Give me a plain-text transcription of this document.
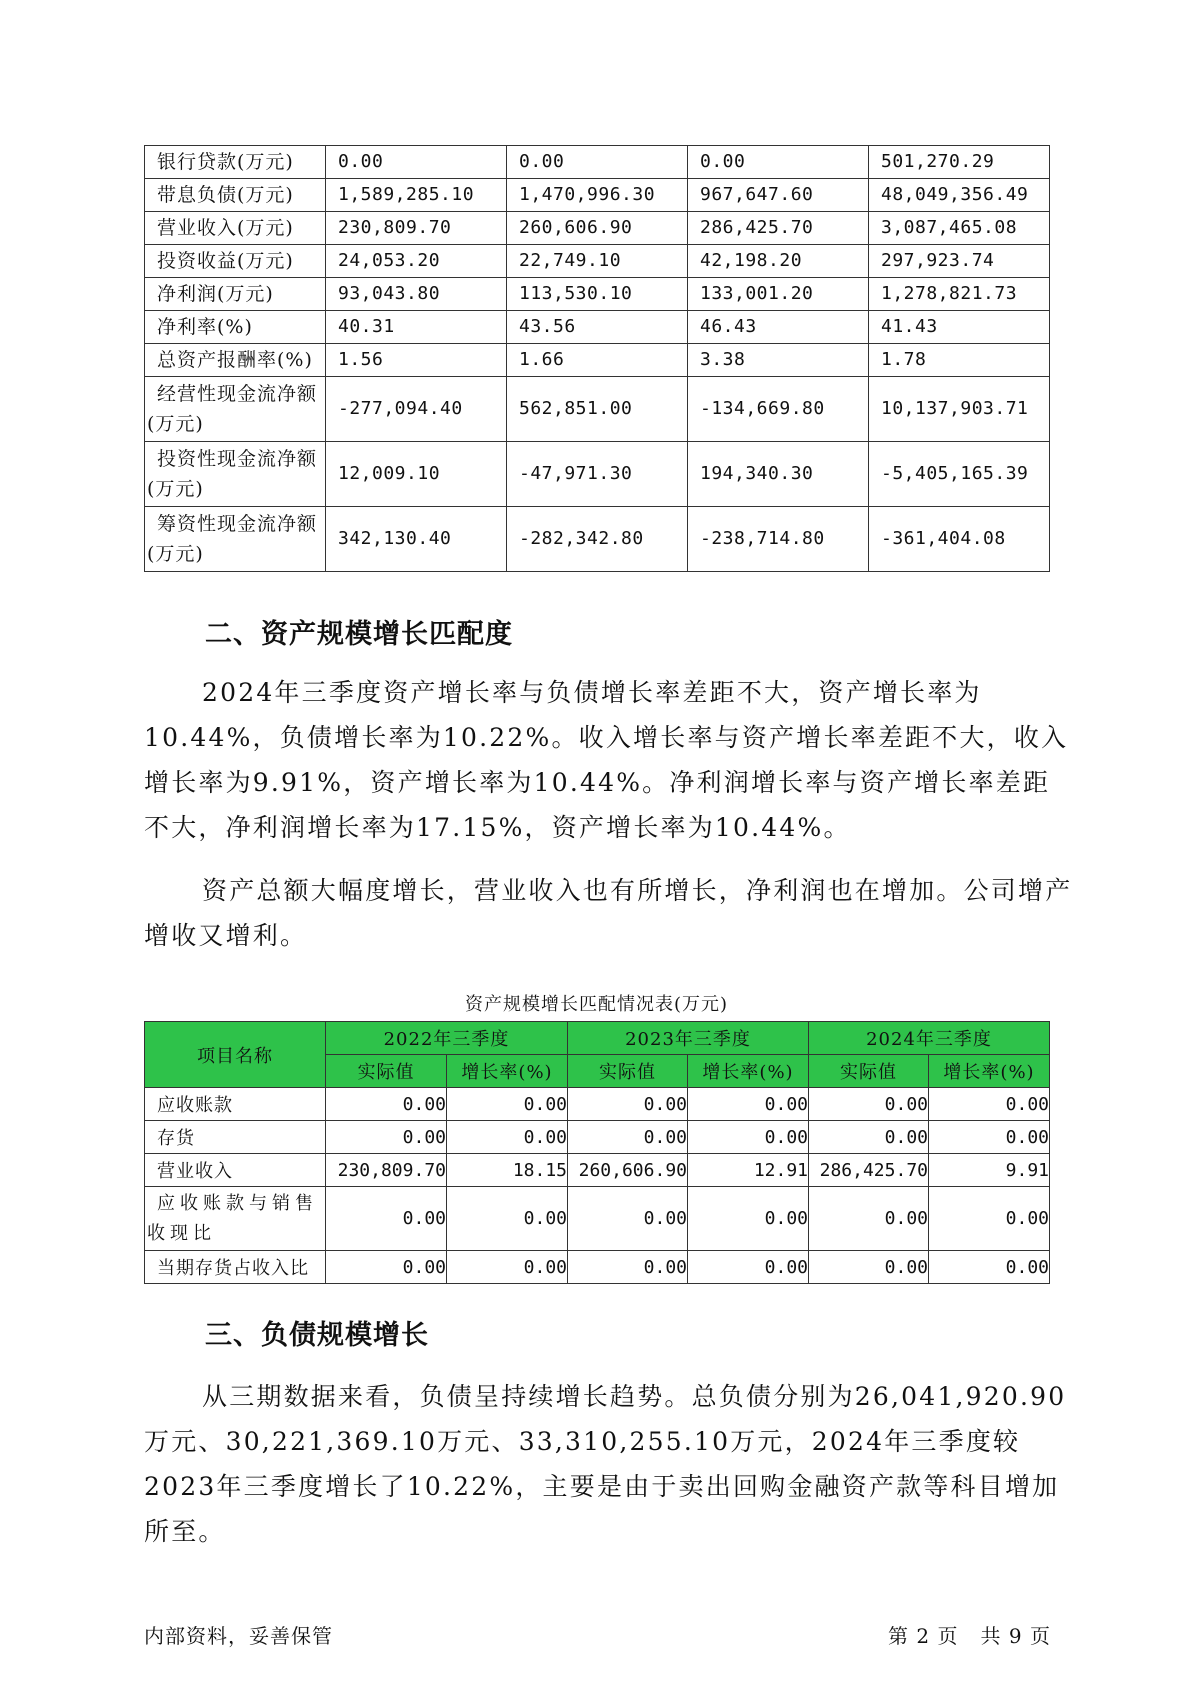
银行贷款(万元)	0.00	0.00	0.00	501,270.29
带息负债(万元)	1,589,285.10	1,470,996.30	967,647.60	48,049,356.49
营业收入(万元)	230,809.70	260,606.90	286,425.70	3,087,465.08
投资收益(万元)	24,053.20	22,749.10	42,198.20	297,923.74
净利润(万元)	93,043.80	113,530.10	133,001.20	1,278,821.73
净利率(%)	40.31	43.56	46.43	41.43
总资产报酬率(%)	1.56	1.66	3.38	1.78
经营性现金流净额(万元)	-277,094.40	562,851.00	-134,669.80	10,137,903.71
投资性现金流净额(万元)	12,009.10	-47,971.30	194,340.30	-5,405,165.39
筹资性现金流净额(万元)	342,130.40	-282,342.80	-238,714.80	-361,404.08
二、资产规模增长匹配度

2024年三季度资产增长率与负债增长率差距不大，资产增长率为10.44%，负债增长率为10.22%。收入增长率与资产增长率差距不大，收入增长率为9.91%，资产增长率为10.44%。净利润增长率与资产增长率差距不大，净利润增长率为17.15%，资产增长率为10.44%。

资产总额大幅度增长，营业收入也有所增长，净利润也在增加。公司增产增收又增利。

资产规模增长匹配情况表(万元)
项目名称	2022年三季度		2023年三季度		2024年三季度	
	实际值	增长率(%)	实际值	增长率(%)	实际值	增长率(%)
应收账款	0.00	0.00	0.00	0.00	0.00	0.00
存货	0.00	0.00	0.00	0.00	0.00	0.00
营业收入	230,809.70	18.15	260,606.90	12.91	286,425.70	9.91
应收账款与销售收现比	0.00	0.00	0.00	0.00	0.00	0.00
当期存货占收入比	0.00	0.00	0.00	0.00	0.00	0.00
三、负债规模增长

从三期数据来看，负债呈持续增长趋势。总负债分别为26,041,920.90万元、30,221,369.10万元、33,310,255.10万元，2024年三季度较2023年三季度增长了10.22%，主要是由于卖出回购金融资产款等科目增加所至。

内部资料，妥善保管	第 2 页   共 9 页
